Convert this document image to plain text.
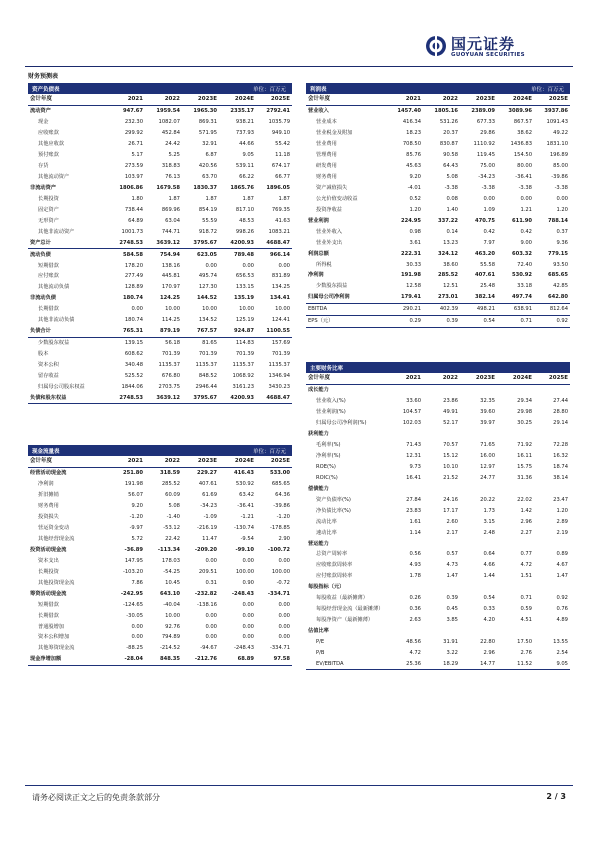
国元证券
GUOYUAN SECURITIES
财务预测表
资产负债表	单位：百万元
会计年度	2021	2022	2023E	2024E	2025E
流动资产	947.67	1959.54	1965.30	2335.17	2792.41
现金	232.30	1082.07	869.31	938.21	1035.79
应收账款	299.92	452.84	571.95	737.93	949.10
其他应收款	26.71	24.42	32.91	44.66	55.42
预付账款	5.17	5.25	6.87	9.05	11.18
存货	273.59	318.83	420.56	539.11	674.17
其他流动资产	103.97	76.13	63.70	66.22	66.77
非流动资产	1806.86	1679.58	1830.37	1865.76	1896.05
长期投资	1.80	1.87	1.87	1.87	1.87
固定资产	738.44	869.96	854.19	817.10	769.35
无形资产	64.89	63.04	55.59	48.53	41.63
其他非流动资产	1001.73	744.71	918.72	998.26	1083.21
资产总计	2748.53	3639.12	3795.67	4200.93	4688.47
流动负债	584.58	754.94	623.05	789.48	966.14
短期借款	178.20	138.16	0.00	0.00	0.00
应付账款	277.49	445.81	495.74	656.53	831.89
其他流动负债	128.89	170.97	127.30	133.15	134.25
非流动负债	180.74	124.25	144.52	135.19	134.41
长期借款	0.00	10.00	10.00	10.00	10.00
其他非流动负债	180.74	114.25	134.52	125.19	124.41
负债合计	765.31	879.19	767.57	924.87	1100.55
少数股东权益	139.15	56.18	81.65	114.83	157.69
股本	608.62	701.39	701.39	701.39	701.39
资本公积	340.48	1135.37	1135.37	1135.37	1135.37
留存收益	525.52	676.80	848.52	1068.92	1346.94
归属母公司股东权益	1844.06	2703.75	2946.44	3161.23	3430.23
负债和股东权益	2748.53	3639.12	3795.67	4200.93	4688.47
利润表	单位：百万元
会计年度	2021	2022	2023E	2024E	2025E
营业收入	1457.40	1805.16	2389.09	3089.96	3937.86
营业成本	416.34	531.26	677.33	867.57	1091.43
营业税金及附加	18.23	20.37	29.86	38.62	49.22
营业费用	708.50	830.87	1110.92	1436.83	1831.10
管理费用	85.76	90.58	119.45	154.50	196.89
研发费用	45.63	64.43	75.00	80.00	85.00
财务费用	9.20	5.08	-34.23	-36.41	-39.86
资产减值损失	-4.01	-3.38	-3.38	-3.38	-3.38
公允价值变动收益	0.52	0.08	0.00	0.00	0.00
投资净收益	1.20	1.40	1.09	1.21	1.20
营业利润	224.95	337.22	470.75	611.90	788.14
营业外收入	0.98	0.14	0.42	0.42	0.37
营业外支出	3.61	13.23	7.97	9.00	9.36
利润总额	222.31	324.12	463.20	603.32	779.15
所得税	30.33	38.60	55.58	72.40	93.50
净利润	191.98	285.52	407.61	530.92	685.65
少数股东损益	12.58	12.51	25.48	33.18	42.85
归属母公司净利润	179.41	273.01	382.14	497.74	642.80
EBITDA	290.21	402.39	498.21	638.91	812.64
EPS（元）	0.29	0.39	0.54	0.71	0.92
主要财务比率
会计年度	2021	2022	2023E	2024E	2025E
成长能力					
营业收入(%)	33.60	23.86	32.35	29.34	27.44
营业利润(%)	104.57	49.91	39.60	29.98	28.80
归属母公司净利润(%)	102.03	52.17	39.97	30.25	29.14
获利能力					
毛利率(%)	71.43	70.57	71.65	71.92	72.28
净利率(%)	12.31	15.12	16.00	16.11	16.32
ROE(%)	9.73	10.10	12.97	15.75	18.74
ROIC(%)	16.41	21.52	24.77	31.36	38.14
偿债能力					
资产负债率(%)	27.84	24.16	20.22	22.02	23.47
净负债比率(%)	23.83	17.17	1.73	1.42	1.20
流动比率	1.61	2.60	3.15	2.96	2.89
速动比率	1.14	2.17	2.48	2.27	2.19
营运能力					
总资产周转率	0.56	0.57	0.64	0.77	0.89
应收账款周转率	4.93	4.73	4.66	4.72	4.67
应付账款周转率	1.78	1.47	1.44	1.51	1.47
每股指标（元）					
每股收益（最新摊薄）	0.26	0.39	0.54	0.71	0.92
每股经营现金流（最新摊薄）	0.36	0.45	0.33	0.59	0.76
每股净资产（最新摊薄）	2.63	3.85	4.20	4.51	4.89
估值比率					
P/E	48.56	31.91	22.80	17.50	13.55
P/B	4.72	3.22	2.96	2.76	2.54
EV/EBITDA	25.36	18.29	14.77	11.52	9.05
现金流量表	单位：百万元
会计年度	2021	2022	2023E	2024E	2025E
经营活动现金流	251.80	318.59	229.27	416.43	533.00
净利润	191.98	285.52	407.61	530.92	685.65
折旧摊销	56.07	60.09	61.69	63.42	64.36
财务费用	9.20	5.08	-34.23	-36.41	-39.86
投资损失	-1.20	-1.40	-1.09	-1.21	-1.20
营运资金变动	-9.97	-53.12	-216.19	-130.74	-178.85
其他经营现金流	5.72	22.42	11.47	-9.54	2.90
投资活动现金流	-36.89	-113.34	-209.20	-99.10	-100.72
资本支出	147.95	178.03	0.00	0.00	0.00
长期投资	-103.20	-54.25	209.51	100.00	100.00
其他投资现金流	7.86	10.45	0.31	0.90	-0.72
筹资活动现金流	-242.95	643.10	-232.82	-248.43	-334.71
短期借款	-124.65	-40.04	-138.16	0.00	0.00
长期借款	-30.05	10.00	0.00	0.00	0.00
普通股增加	0.00	92.76	0.00	0.00	0.00
资本公积增加	0.00	794.89	0.00	0.00	0.00
其他筹资现金流	-88.25	-214.52	-94.67	-248.43	-334.71
现金净增加额	-28.04	848.35	-212.76	68.89	97.58
请务必阅读正文之后的免责条款部分	2 / 3
